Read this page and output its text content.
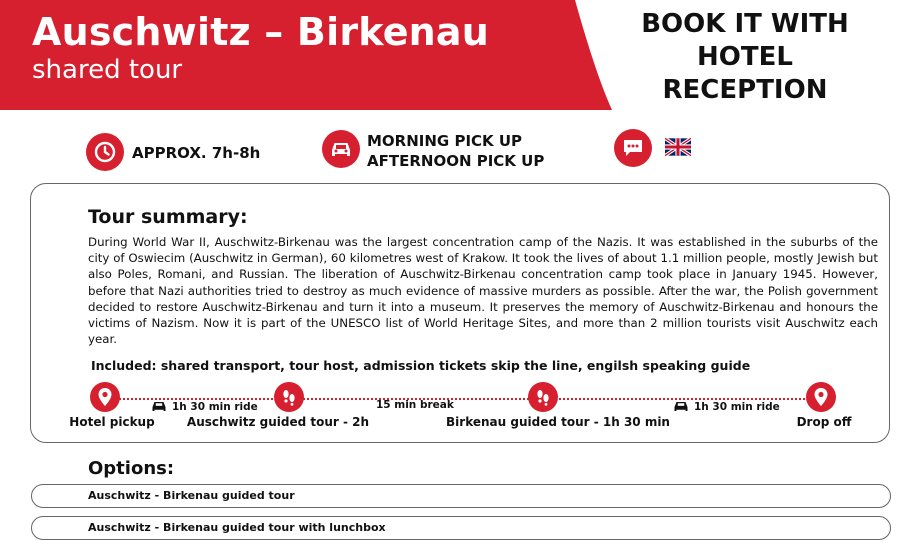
Auschwitz – Birkenau
shared tour
BOOK IT WITH HOTEL
RECEPTION
APPROX. 7h-8h
MORNING PICK UP
AFTERNOON PICK UP
Tour summary:
During World War II, Auschwitz-Birkenau was the largest concentration camp of the Nazis. It was established in the suburbs of the city of Oswiecim (Auschwitz in German), 60 kilometres west of Krakow. It took the lives of about 1.1 million people, mostly Jewish but also Poles, Romani, and Russian. The liberation of Auschwitz-Birkenau concentration camp took place in January 1945. However, before that Nazi authorities tried to destroy as much evidence of massive murders as possible. After the war, the Polish government decided to restore Auschwitz-Birkenau and turn it into a museum. It preserves the memory of Auschwitz-Birkenau and honours the victims of Nazism. Now it is part of the UNESCO list of World Heritage Sites, and more than 2 million tourists visit Auschwitz each year.
Included: shared transport, tour host, admission tickets skip the line, engilsh speaking guide
Hotel pickup	Auschwitz guided tour - 2h	Birkenau guided tour - 1h 30 min	Drop off
1h 30 min ride	15 min break	1h 30 min ride
Options:
Auschwitz - Birkenau guided tour
Auschwitz - Birkenau guided tour with lunchbox
